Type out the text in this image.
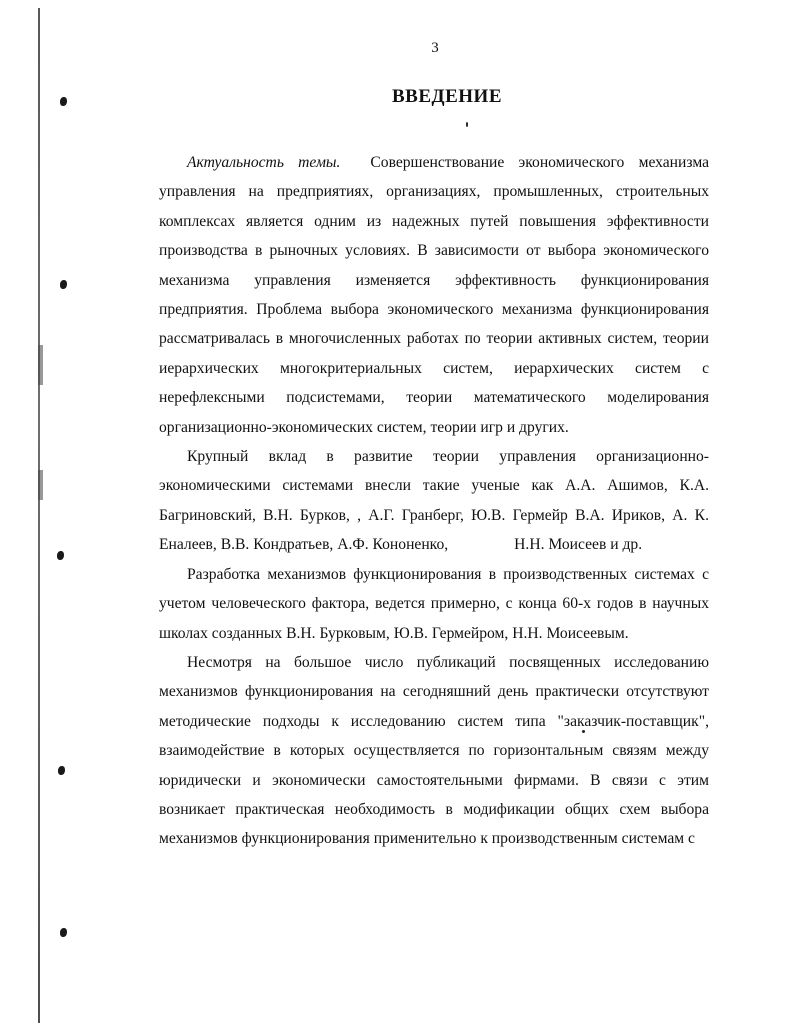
3
ВВЕДЕНИЕ

Актуальность темы. Совершенствование экономического механизма управления на предприятиях, организациях, промышленных, строительных комплексах является одним из надежных путей повышения эффективности производства в рыночных условиях. В зависимости от выбора экономического механизма управления изменяется эффективность функционирования предприятия. Проблема выбора экономического механизма функционирования рассматривалась в многочисленных работах по теории активных систем, теории иерархических многокритериальных систем, иерархических систем с нерефлексными подсистемами, теории математического моделирования организационно-экономических систем, теории игр и других.

Крупный вклад в развитие теории управления организационно-экономическими системами внесли такие ученые как А.А. Ашимов, К.А. Багриновский, В.Н. Бурков, , А.Г. Гранберг, Ю.В. Гермейр В.А. Ириков, А. К. Еналеев, В.В. Кондратьев, А.Ф. Кононенко,	Н.Н. Моисеев и др.

Разработка механизмов функционирования в производственных системах с учетом человеческого фактора, ведется примерно, с конца 60-х годов в научных школах созданных В.Н. Бурковым, Ю.В. Гермейром, Н.Н. Моисеевым.

Несмотря на большое число публикаций посвященных исследованию механизмов функционирования на сегодняшний день практически отсутствуют методические подходы к исследованию систем типа "заказчик-поставщик", взаимодействие в которых осуществляется по горизонтальным связям между юридически и экономически самостоятельными фирмами. В связи с этим возникает практическая необходимость в модификации общих схем выбора механизмов функционирования применительно к производственным системам с
